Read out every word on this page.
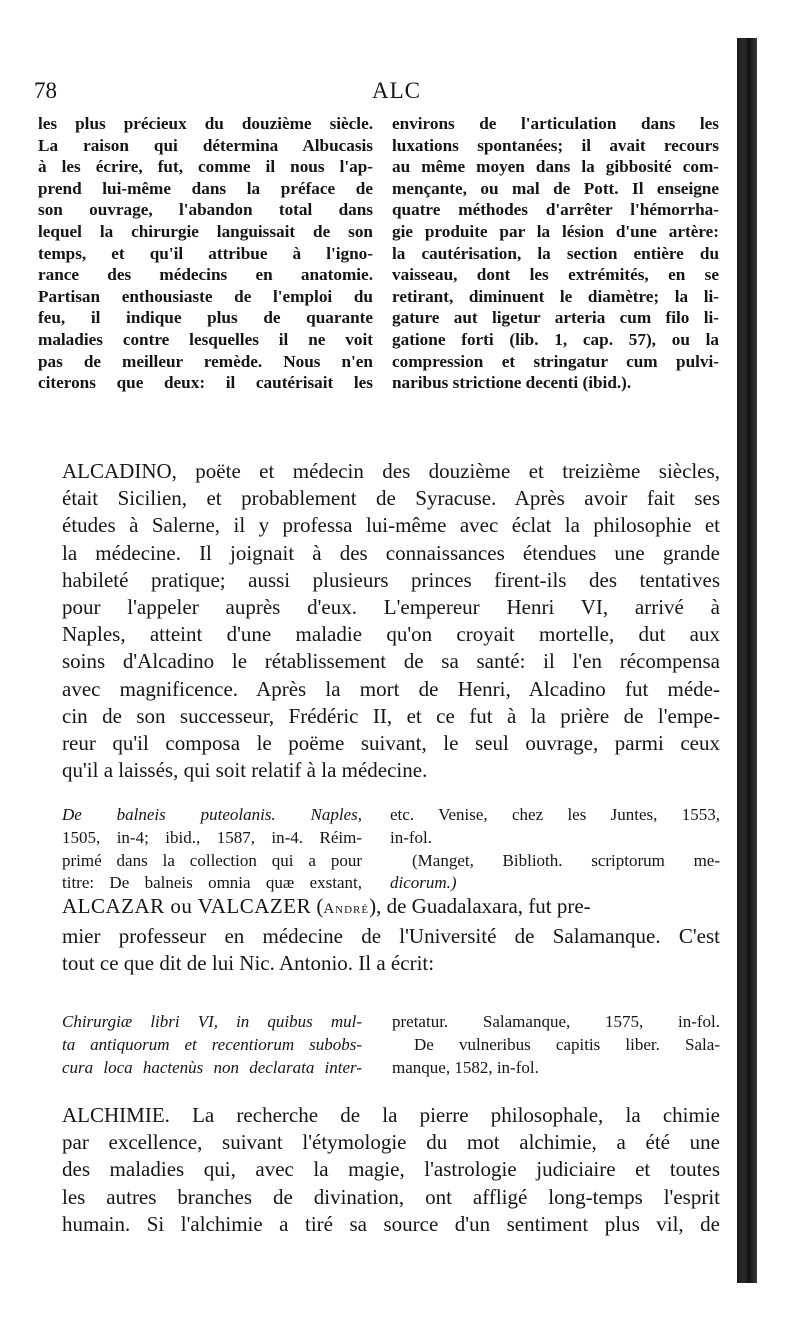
78	ALC
les plus précieux du douzième siècle.
La raison qui détermina Albucasis
à les écrire, fut, comme il nous l'ap-
prend lui-même dans la préface de
son ouvrage, l'abandon total dans
lequel la chirurgie languissait de son
temps, et qu'il attribue à l'igno-
rance des médecins en anatomie.
Partisan enthousiaste de l'emploi du
feu, il indique plus de quarante
maladies contre lesquelles il ne voit
pas de meilleur remède. Nous n'en
citerons que deux: il cautérisait les
environs de l'articulation dans les
luxations spontanées; il avait recours
au même moyen dans la gibbosité com-
mençante, ou mal de Pott. Il enseigne
quatre méthodes d'arrêter l'hémorrha-
gie produite par la lésion d'une artère:
la cautérisation, la section entière du
vaisseau, dont les extrémités, en se
retirant, diminuent le diamètre; la li-
gature aut ligetur arteria cum filo li-
gatione forti (lib. 1, cap. 57), ou la
compression et stringatur cum pulvi-
naribus strictione decenti (ibid.).
ALCADINO, poëte et médecin des douzième et treizième siècles,
était Sicilien, et probablement de Syracuse. Après avoir fait ses
études à Salerne, il y professa lui-même avec éclat la philosophie et
la médecine. Il joignait à des connaissances étendues une grande
habileté pratique; aussi plusieurs princes firent-ils des tentatives
pour l'appeler auprès d'eux. L'empereur Henri VI, arrivé à
Naples, atteint d'une maladie qu'on croyait mortelle, dut aux
soins d'Alcadino le rétablissement de sa santé: il l'en récompensa
avec magnificence. Après la mort de Henri, Alcadino fut méde-
cin de son successeur, Frédéric II, et ce fut à la prière de l'empe-
reur qu'il composa le poëme suivant, le seul ouvrage, parmi ceux
qu'il a laissés, qui soit relatif à la médecine.
De balneis puteolanis. Naples,
1505, in-4; ibid., 1587, in-4. Réim-
primé dans la collection qui a pour
titre: De balneis omnia quæ exstant,
etc. Venise, chez les Juntes, 1553,
in-fol.
(Manget, Biblioth. scriptorum me-
dicorum.)
ALCAZAR ou VALCAZER (André), de Guadalaxara, fut pre-
mier professeur en médecine de l'Université de Salamanque. C'est
tout ce que dit de lui Nic. Antonio. Il a écrit:
Chirurgiæ libri VI, in quibus mul-
ta antiquorum et recentiorum subobs-
cura loca hactenùs non declarata inter-
pretatur. Salamanque, 1575, in-fol.
De vulneribus capitis liber. Sala-
manque, 1582, in-fol.
ALCHIMIE. La recherche de la pierre philosophale, la chimie
par excellence, suivant l'étymologie du mot alchimie, a été une
des maladies qui, avec la magie, l'astrologie judiciaire et toutes
les autres branches de divination, ont affligé long-temps l'esprit
humain. Si l'alchimie a tiré sa source d'un sentiment plus vil, de
